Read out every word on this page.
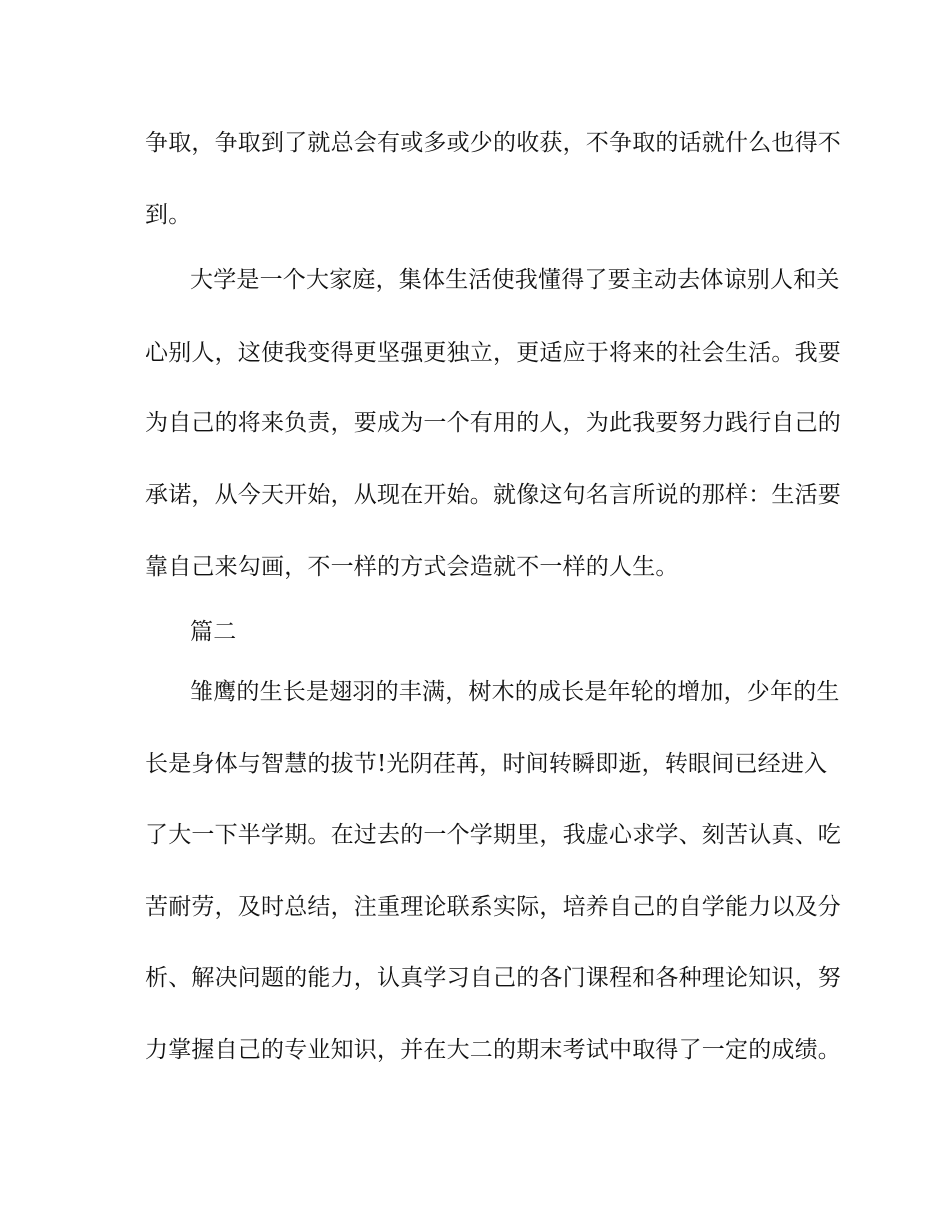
争取，争取到了就总会有或多或少的收获，不争取的话就什么也得不
到。
大学是一个大家庭，集体生活使我懂得了要主动去体谅别人和关
心别人，这使我变得更坚强更独立，更适应于将来的社会生活。我要
为自己的将来负责，要成为一个有用的人，为此我要努力践行自己的
承诺，从今天开始，从现在开始。就像这句名言所说的那样：生活要
靠自己来勾画，不一样的方式会造就不一样的人生。
篇二
雏鹰的生长是翅羽的丰满，树木的成长是年轮的增加，少年的生
长是身体与智慧的拔节!光阴荏苒，时间转瞬即逝，转眼间已经进入
了大一下半学期。在过去的一个学期里，我虚心求学、刻苦认真、吃
苦耐劳，及时总结，注重理论联系实际，培养自己的自学能力以及分
析、解决问题的能力，认真学习自己的各门课程和各种理论知识，努
力掌握自己的专业知识，并在大二的期末考试中取得了一定的成绩。
